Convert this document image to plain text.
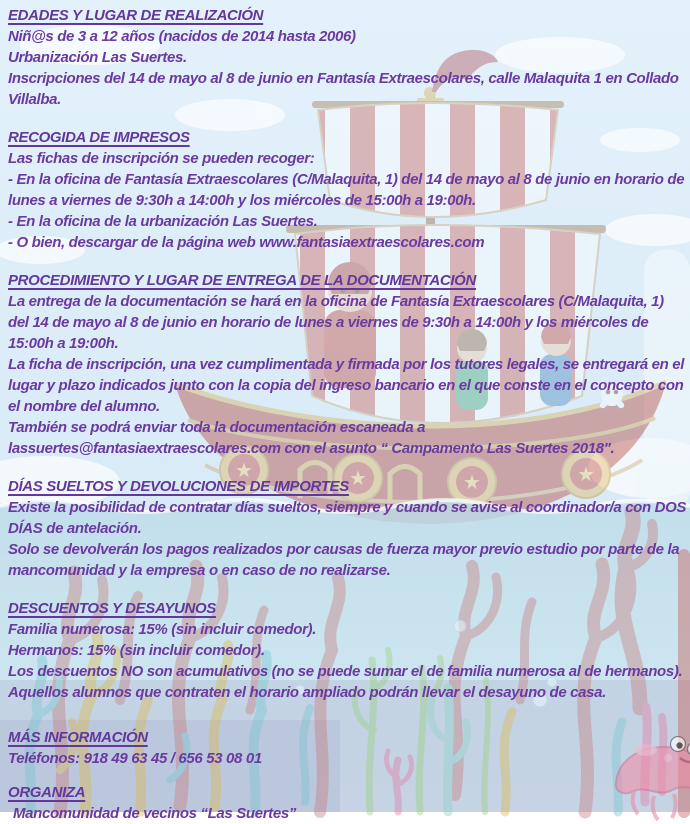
★	★	★	★
EDADES Y LUGAR DE REALIZACIÓN

Niñ@s de 3 a 12 años (nacidos de 2014 hasta 2006)

Urbanización Las Suertes.

Inscripciones del 14 de mayo al 8 de junio en Fantasía Extraescolares, calle Malaquita 1 en Collado Villalba.

RECOGIDA DE IMPRESOS

Las fichas de inscripción se pueden recoger:

- En la oficina de Fantasía Extraescolares (C/Malaquita, 1) del 14 de mayo al 8 de junio en horario de lunes a viernes de 9:30h a 14:00h y los miércoles de 15:00h a 19:00h.

- En la oficina de la urbanización Las Suertes.

- O bien, descargar de la página web www.fantasiaextraescolares.com

PROCEDIMIENTO Y LUGAR DE ENTREGA DE LA DOCUMENTACIÓN

La entrega de la documentación se hará en la oficina de Fantasía Extraescolares (C/Malaquita, 1) del 14 de mayo al 8 de junio en horario de lunes a viernes de 9:30h a 14:00h y los miércoles de 15:00h a 19:00h.

La ficha de inscripción, una vez cumplimentada y firmada por los tutores legales, se entregará en el lugar y plazo indicados junto con la copia del ingreso bancario en el que conste en el concepto con el nombre del alumno.

También se podrá enviar toda la documentación escaneada a lassuertes@fantasiaextraescolares.com con el asunto “ Campamento Las Suertes 2018".

DÍAS SUELTOS Y DEVOLUCIONES DE IMPORTES

Existe la posibilidad de contratar días sueltos, siempre y cuando se avise al coordinador/a con DOS DÍAS de antelación.

Solo se devolverán los pagos realizados por causas de fuerza mayor previo estudio por parte de la mancomunidad y la empresa o en caso de no realizarse.

DESCUENTOS Y DESAYUNOS

Familia numerosa: 15% (sin incluir comedor).

Hermanos: 15% (sin incluir comedor).

Los descuentos NO son acumulativos (no se puede sumar el de familia numerosa al de hermanos).

Aquellos alumnos que contraten el horario ampliado podrán llevar el desayuno de casa.

MÁS INFORMACIÓN

Teléfonos: 918 49 63 45 / 656 53 08 01

ORGANIZA

Mancomunidad de vecinos “Las Suertes”
